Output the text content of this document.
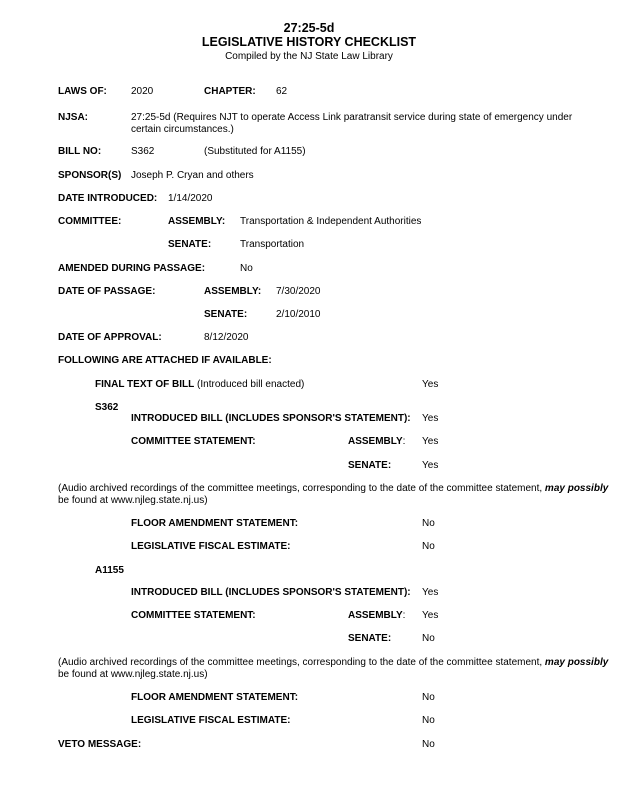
27:25-5d
LEGISLATIVE HISTORY CHECKLIST
Compiled by the NJ State Law Library
LAWS OF: 2020	CHAPTER: 62
NJSA:	27:25-5d (Requires NJT to operate Access Link paratransit service during state of emergency under certain circumstances.)
BILL NO:	S362	(Substituted for A1155)
SPONSOR(S) Joseph P. Cryan and others
DATE INTRODUCED: 1/14/2020
COMMITTEE:	ASSEMBLY: Transportation & Independent Authorities
SENATE:	Transportation
AMENDED DURING PASSAGE:	No
DATE OF PASSAGE:	ASSEMBLY: 7/30/2020
SENATE:	2/10/2010
DATE OF APPROVAL:	8/12/2020
FOLLOWING ARE ATTACHED IF AVAILABLE:
FINAL TEXT OF BILL (Introduced bill enacted)	Yes
S362
INTRODUCED BILL (INCLUDES SPONSOR'S STATEMENT): Yes
COMMITTEE STATEMENT:	ASSEMBLY: Yes
SENATE:	Yes
(Audio archived recordings of the committee meetings, corresponding to the date of the committee statement, may possibly
be found at www.njleg.state.nj.us)
FLOOR AMENDMENT STATEMENT:	No
LEGISLATIVE FISCAL ESTIMATE:	No
A1155
INTRODUCED BILL (INCLUDES SPONSOR'S STATEMENT): Yes
COMMITTEE STATEMENT:	ASSEMBLY: Yes
SENATE:	No
(Audio archived recordings of the committee meetings, corresponding to the date of the committee statement, may possibly
be found at www.njleg.state.nj.us)
FLOOR AMENDMENT STATEMENT:	No
LEGISLATIVE FISCAL ESTIMATE:	No
VETO MESSAGE:	No
